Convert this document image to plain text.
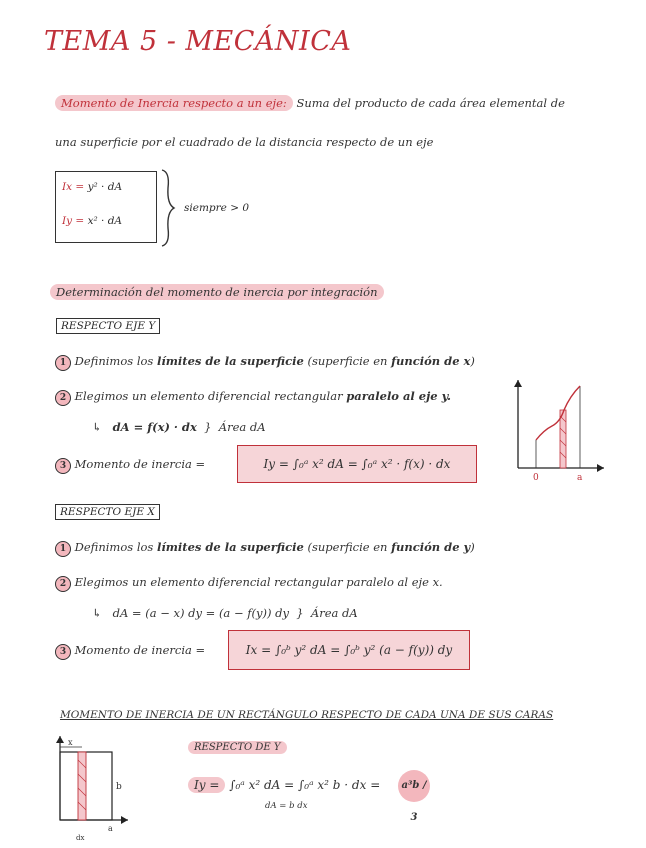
TEMA 5 - MECÁNICA
Momento de Inercia respecto a un eje: Suma del producto de cada área elemental de
una superficie por el cuadrado de la distancia respecto de un eje
Ix = y² · dA
Iy = x² · dA
siempre > 0
Determinación del momento de inercia por integración
RESPECTO EJE Y
1 Definimos los límites de la superficie (superficie en función de x)
2 Elegimos un elemento diferencial rectangular paralelo al eje y.
↳ dA = f(x) · dx  }  Área dA
3 Momento de inercia =	Iy = ∫₀ᵃ x² dA = ∫₀ᵃ x² · f(x) · dx
0	a
RESPECTO EJE X
1 Definimos los límites de la superficie (superficie en función de y)
2 Elegimos un elemento diferencial rectangular paralelo al eje x.
↳ dA = (a − x) dy = (a − f(y)) dy  }  Área dA
3 Momento de inercia =	Ix = ∫₀ᵇ y² dA = ∫₀ᵇ y² (a − f(y)) dy
MOMENTO DE INERCIA DE UN RECTÁNGULO RESPECTO DE CADA UNA DE SUS CARAS
x
b
a
dx
RESPECTO DE Y
Iy = ∫₀ᵃ x² dA = ∫₀ᵃ x² b · dx =	a³b / 3
dA = b dx
